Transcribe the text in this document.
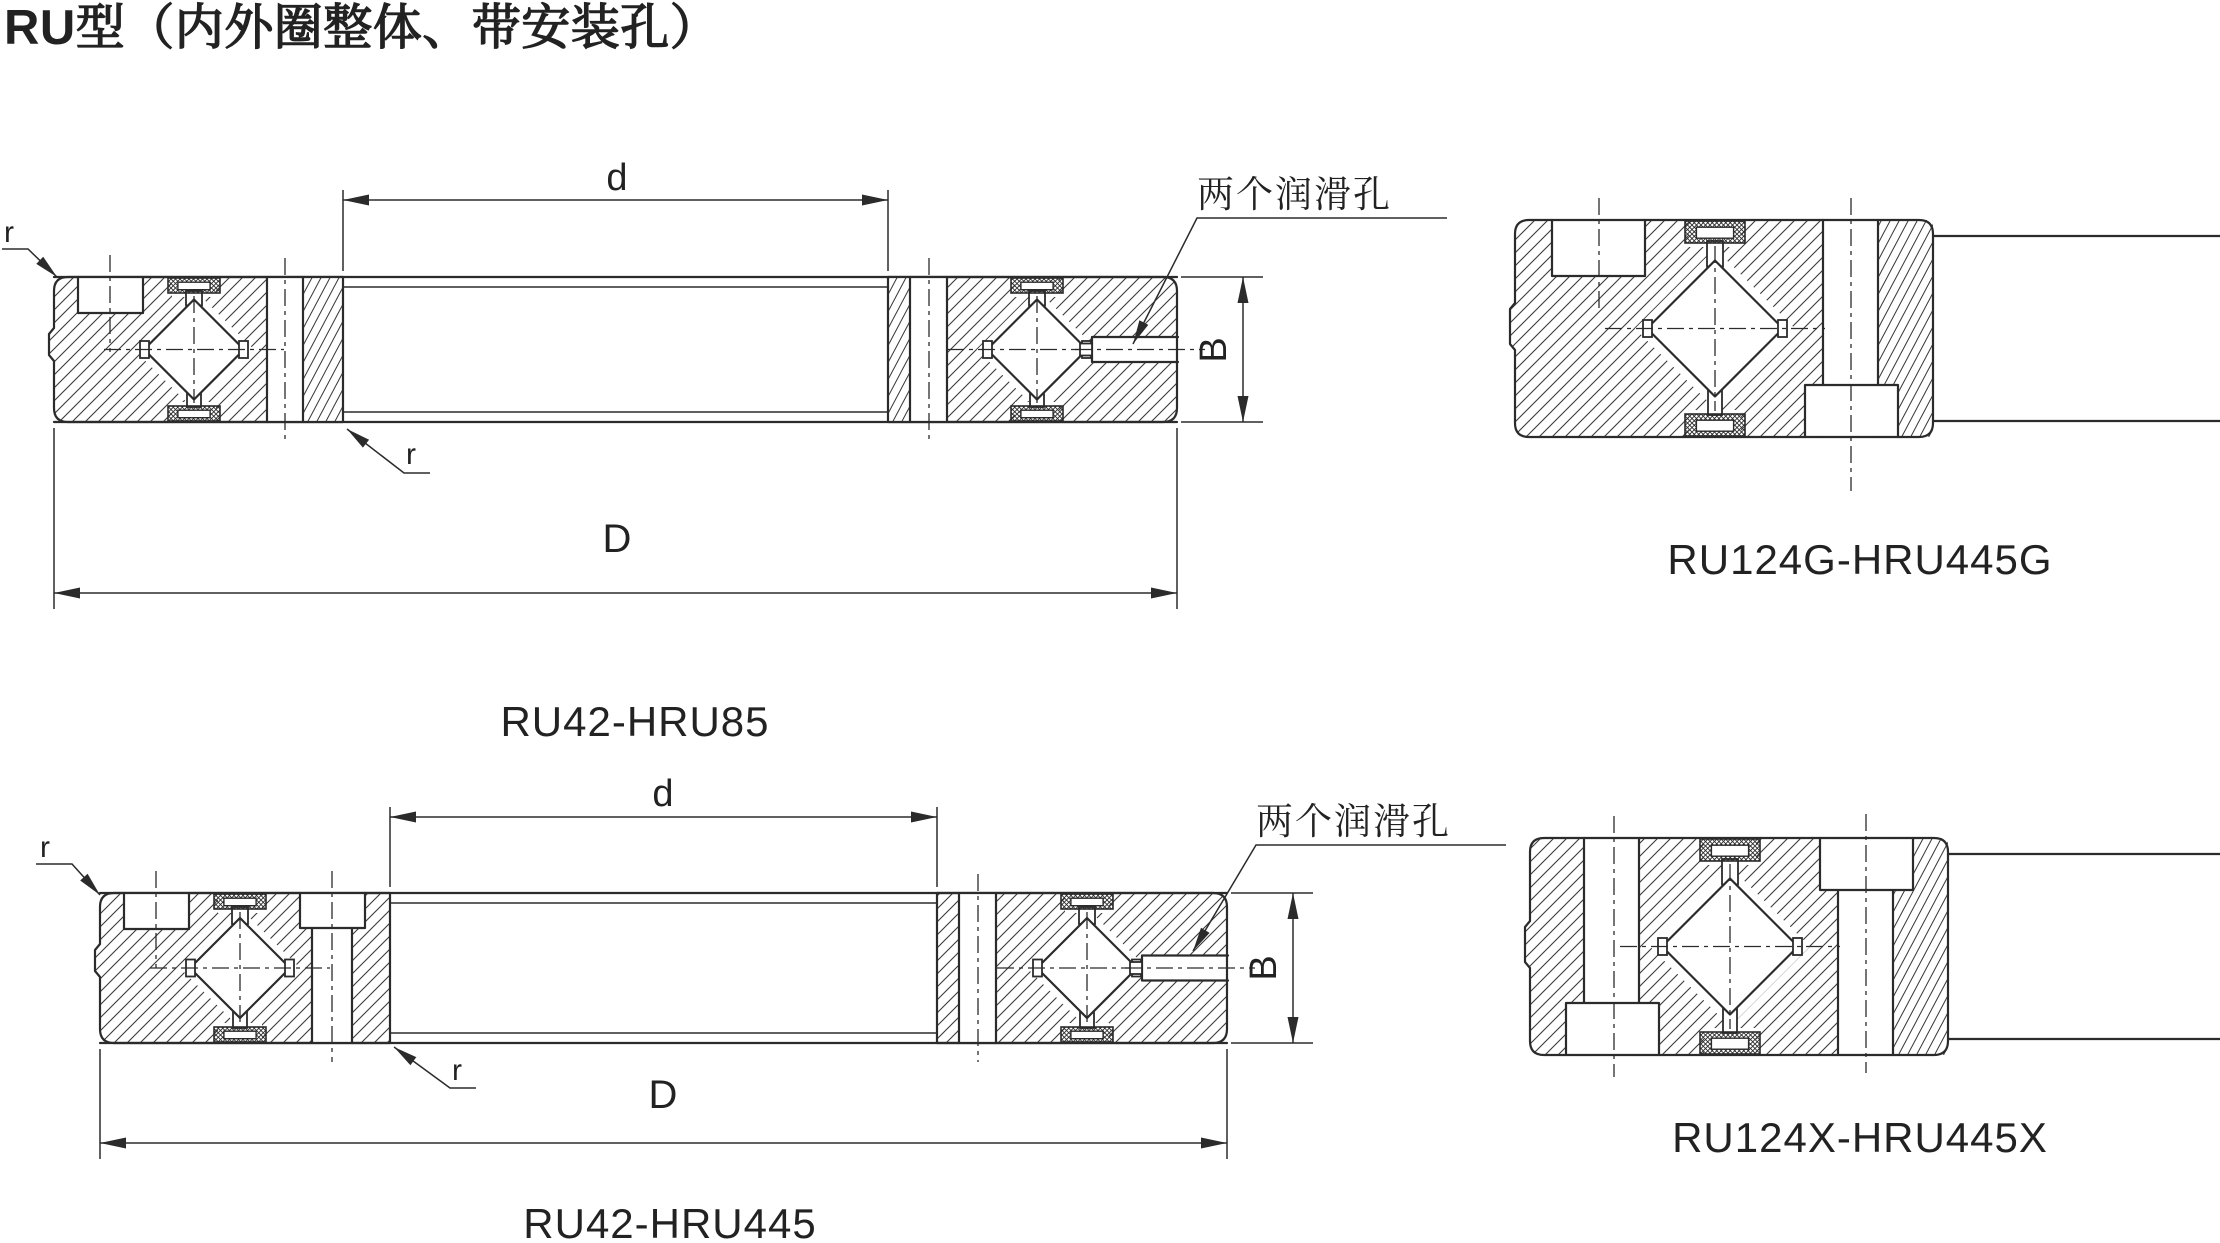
RU型（内外圈整体、带安装孔）
d
D
B
r
r
两个润滑孔
RU42-HRU85
RU124G-HRU445G
d
D
B
r
r
两个润滑孔
RU42-HRU445
RU124X-HRU445X
